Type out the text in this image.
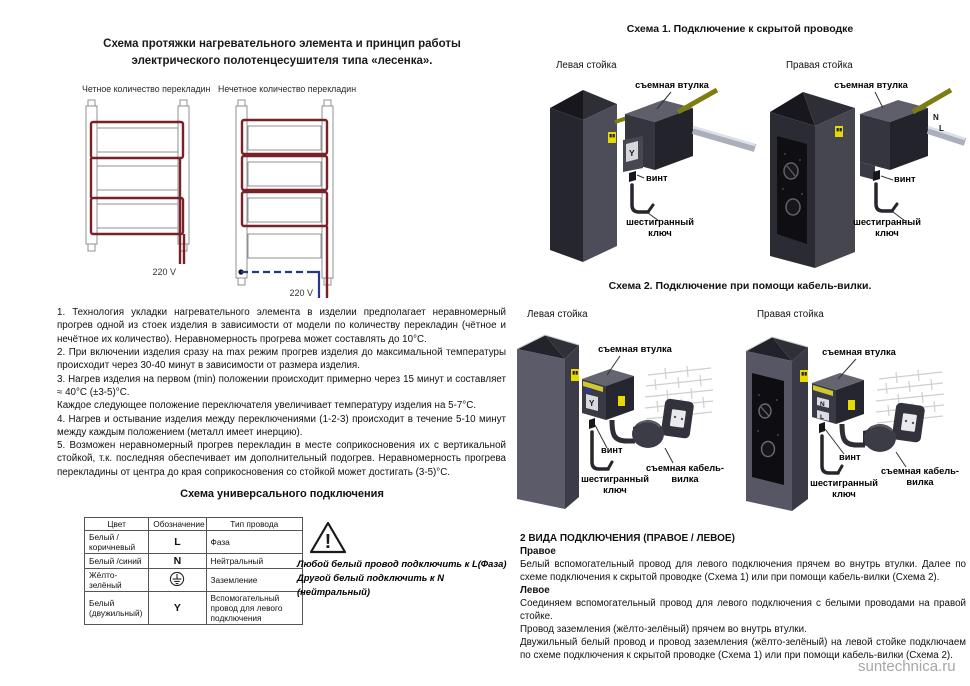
Схема протяжки нагревательного элемента и принцип работы
электрического полотенцесушителя типа «лесенка».
Четное количество перекладин Нечетное количество перекладин
220 V
220 V

1. Технология укладки нагревательного элемента в изделии предполагает неравномерный прогрев одной из стоек изделия в зависимости от модели по количеству перекладин (чётное и нечётное их количество). Неравномерность прогрева может составлять до 10°С.

2. При включении изделия сразу на max режим прогрев изделия до максимальной температуры происходит через 30-40 минут в зависимости от размера изделия.

3. Нагрев изделия на первом (min) положении происходит примерно через 15 минут и составляет ≈ 40°С (±3-5)°С.

Каждое следующее положение переключателя увеличивает температуру изделия на 5-7°С.

4. Нагрев и остывание изделия между переключениями (1-2-3) происходит в течение 5-10 минут между каждым положением (металл имеет инерцию).

5. Возможен неравномерный прогрев перекладин в месте соприкосновения их с вертикальной стойкой, т.к. последняя обеспечивает им дополнительный подогрев. Неравномерность прогрева перекладины от центра до края соприкосновения со стойкой может достигать (3-5)°С.

Схема универсального подключения
Цвет	Обозначение	Тип провода
Белый /коричневый	L	Фаза
Белый /синий	N	Нейтральный
Жёлто-зелёный		Заземление
Белый (двужильный)	Y	Вспомогательный провод для левого подключения
!
Любой белый провод подключить к L(Фаза)
Другой белый подключить к N (нейтральный)
Схема 1. Подключение к скрытой проводке
Левая стойка	Правая стойка
Y
съемная втулка
винт
шестигранный ключ
N
L
съемная втулка
винт
шестигранный ключ
Схема 2. Подключение при помощи кабель-вилки.
Левая стойка	Правая стойка
Y
съемная втулка
винт
шестигранный ключ
съемная кабель-вилка
N
L
съемная втулка
винт
шестигранный ключ
съемная кабель-вилка

2 ВИДА ПОДКЛЮЧЕНИЯ (ПРАВОЕ / ЛЕВОЕ)

Правое

Белый вспомогательный провод для левого подключения прячем во внутрь втулки. Далее по схеме подключения к скрытой проводке (Схема 1) или при помощи кабель-вилки (Схема 2).

Левое

Соединяем вспомогательный провод для левого подключения с белыми проводами на правой стойке.

Провод заземления (жёлто-зелёный) прячем во внутрь втулки.

Двужильный белый провод и провод заземления (жёлто-зелёный) на левой стойке подключаем по схеме подключения к скрытой проводке (Схема 1) или при помощи кабель-вилки (Схема 2).

suntechnica.ru
